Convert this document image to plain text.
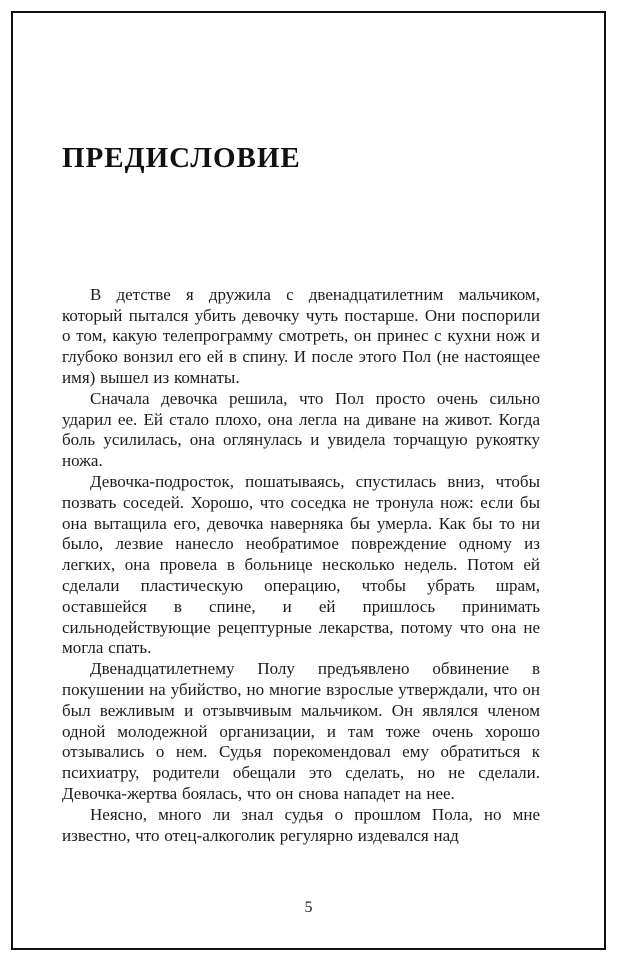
ПРЕДИСЛОВИЕ

В детстве я дружила с двенадцатилетним мальчиком, который пытался убить девочку чуть постарше. Они поспорили о том, какую телепрограмму смотреть, он принес с кухни нож и глубоко вонзил его ей в спину. И после этого Пол (не настоящее имя) вышел из комнаты.

Сначала девочка решила, что Пол просто очень сильно ударил ее. Ей стало плохо, она легла на диване на живот. Когда боль усилилась, она оглянулась и увидела торчащую рукоятку ножа.

Девочка-подросток, пошатываясь, спустилась вниз, чтобы позвать соседей. Хорошо, что соседка не тронула нож: если бы она вытащила его, девочка наверняка бы умерла. Как бы то ни было, лезвие нанесло необратимое повреждение одному из легких, она провела в больнице несколько недель. Потом ей сделали пластическую операцию, чтобы убрать шрам, оставшейся в спине, и ей пришлось принимать сильнодействующие рецептурные лекарства, потому что она не могла спать.

Двенадцатилетнему Полу предъявлено обвинение в покушении на убийство, но многие взрослые утверждали, что он был вежливым и отзывчивым мальчиком. Он являлся членом одной молодежной организации, и там тоже очень хорошо отзывались о нем. Судья порекомендовал ему обратиться к психиатру, родители обещали это сделать, но не сделали. Девочка-жертва боялась, что он снова нападет на нее.

Неясно, много ли знал судья о прошлом Пола, но мне известно, что отец-алкоголик регулярно издевался над

5
